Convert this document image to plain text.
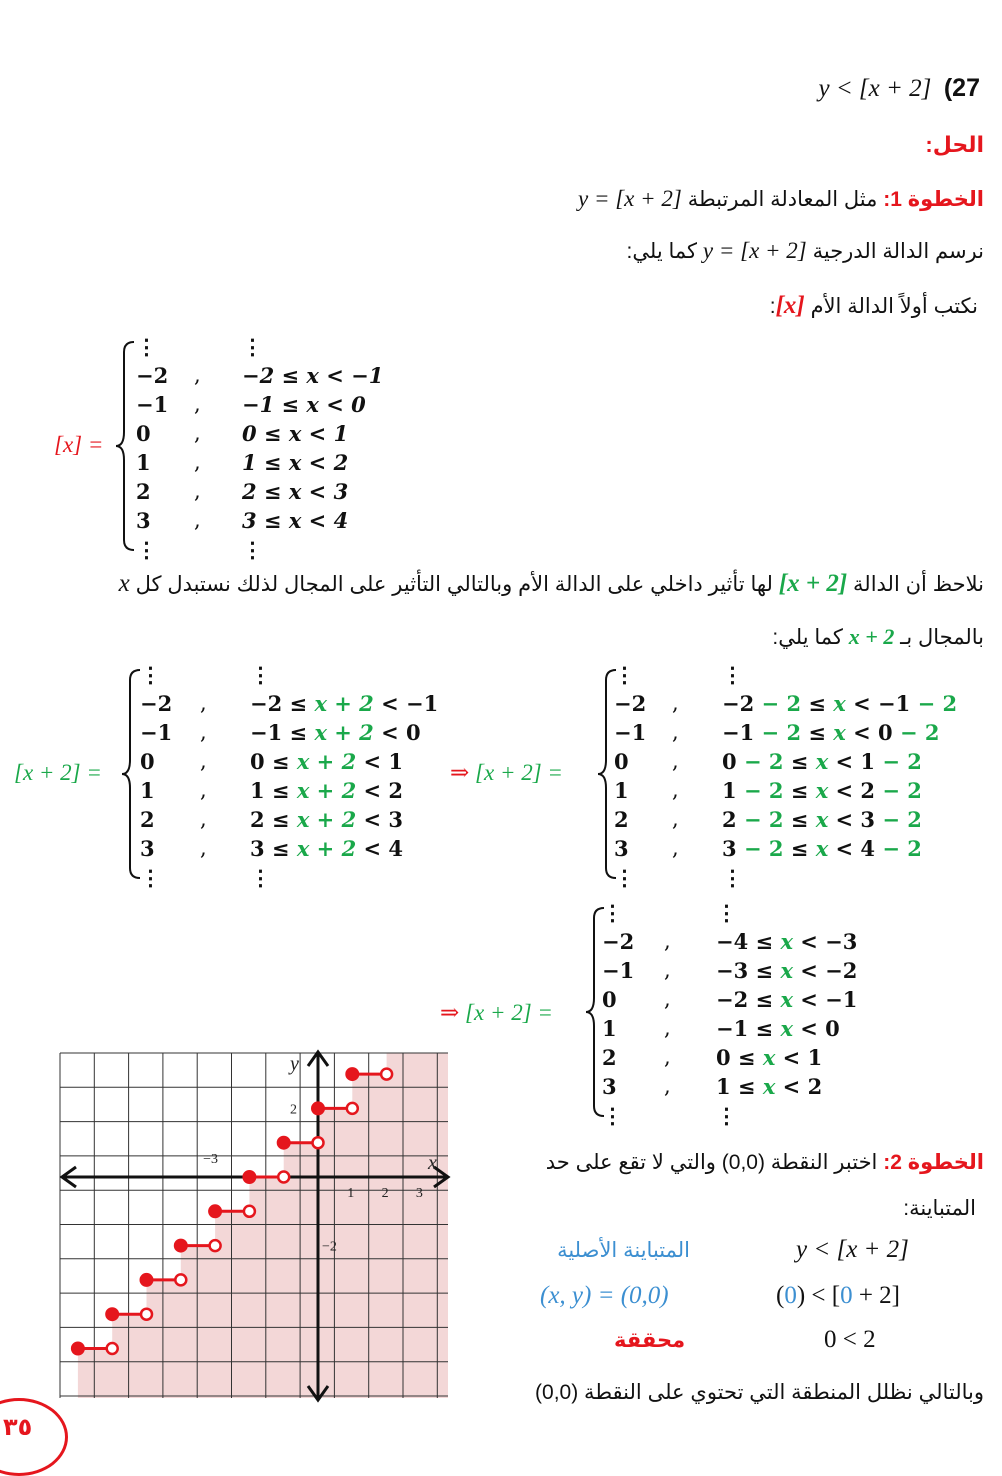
y < [x + 2] (27
الحل:
الخطوة 1: مثل المعادلة المرتبطة y = [x + 2]
نرسم الدالة الدرجية y = [x + 2] كما يلي:
نكتب أولاً الدالة الأم [x]:
[x] =
⋮	⋮
−2 , −2 ≤ x < −1
−1 , −1 ≤ x < 0
0 , 0 ≤ x < 1
1 , 1 ≤ x < 2
2 , 2 ≤ x < 3
3 , 3 ≤ x < 4
⋮	⋮
نلاحظ أن الدالة [x + 2] لها تأثير داخلي على الدالة الأم وبالتالي التأثير على المجال لذلك نستبدل كل x
بالمجال بـ x + 2 كما يلي:
[x + 2] =
⋮	⋮
−2 , −2 ≤ x + 2 < −1
−1 , −1 ≤ x + 2 < 0
0 , 0 ≤ x + 2 < 1
1 , 1 ≤ x + 2 < 2
2 , 2 ≤ x + 2 < 3
3 , 3 ≤ x + 2 < 4
⋮	⋮
⇒ [x + 2] =
⋮	⋮
−2 , −2 − 2 ≤ x < −1 − 2
−1 , −1 − 2 ≤ x < 0 − 2
0 , 0 − 2 ≤ x < 1 − 2
1 , 1 − 2 ≤ x < 2 − 2
2 , 2 − 2 ≤ x < 3 − 2
3 , 3 − 2 ≤ x < 4 − 2
⋮	⋮
⇒ [x + 2] =
⋮	⋮
−2 , −4 ≤ x < −3
−1 , −3 ≤ x < −2
0 , −2 ≤ x < −1
1 , −1 ≤ x < 0
2 , 0 ≤ x < 1
3 , 1 ≤ x < 2
⋮	⋮
الخطوة 2: اختبر النقطة (0,0) والتي لا تقع على حد
المتباينة:
المتباينة الأصلية	y < [x + 2]
(x, y) = (0,0)	(0) < [0 + 2]
محققة	0 < 2
وبالتالي نظلل المنطقة التي تحتوي على النقطة (0,0)
x
y
−3
1 2 3
2
−2
٣٥
